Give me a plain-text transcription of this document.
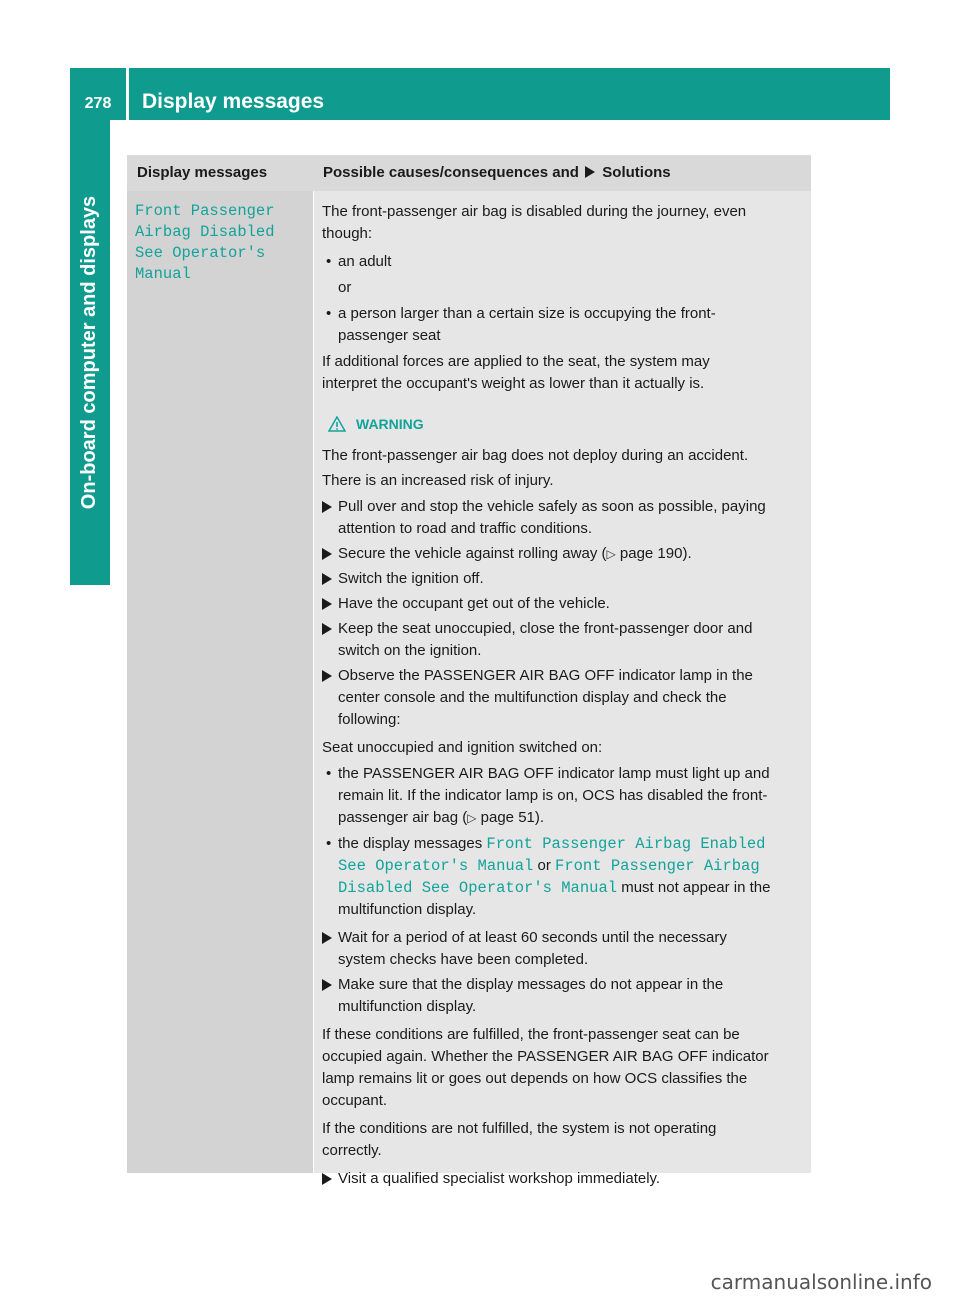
278	Display messages
On-board computer and displays
Display messages	Possible causes/consequences and Solutions
Front Passenger
Airbag Disabled
See Operator's
Manual
The front-passenger air bag is disabled during the journey, even
though:
• an adult
or
• a person larger than a certain size is occupying the front-
passenger seat
If additional forces are applied to the seat, the system may
interpret the occupant's weight as lower than it actually is.
WARNING
The front-passenger air bag does not deploy during an accident.
There is an increased risk of injury.
Pull over and stop the vehicle safely as soon as possible, paying
attention to road and traffic conditions.
Secure the vehicle against rolling away (▷ page 190).
Switch the ignition off.
Have the occupant get out of the vehicle.
Keep the seat unoccupied, close the front-passenger door and
switch on the ignition.
Observe the PASSENGER AIR BAG OFF indicator lamp in the
center console and the multifunction display and check the
following:
Seat unoccupied and ignition switched on:
• the PASSENGER AIR BAG OFF indicator lamp must light up and
remain lit. If the indicator lamp is on, OCS has disabled the front-
passenger air bag (▷ page 51).
• the display messages Front Passenger Airbag Enabled
See Operator's Manual or Front Passenger Airbag
Disabled See Operator's Manual must not appear in the
multifunction display.
Wait for a period of at least 60 seconds until the necessary
system checks have been completed.
Make sure that the display messages do not appear in the
multifunction display.
If these conditions are fulfilled, the front-passenger seat can be
occupied again. Whether the PASSENGER AIR BAG OFF indicator
lamp remains lit or goes out depends on how OCS classifies the
occupant.
If the conditions are not fulfilled, the system is not operating
correctly.
Visit a qualified specialist workshop immediately.
carmanualsonline.info
